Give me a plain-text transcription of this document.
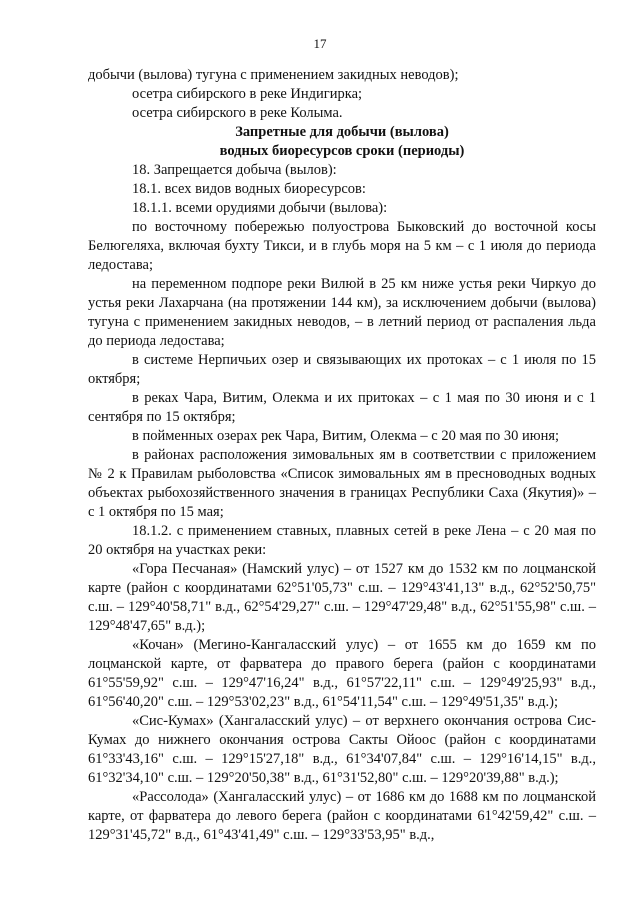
17

добычи (вылова) тугуна с применением закидных неводов);

осетра сибирского в реке Индигирка;

осетра сибирского в реке Колыма.

Запретные для добычи (вылова)
водных биоресурсов сроки (периоды)

18. Запрещается добыча (вылов):

18.1. всех видов водных биоресурсов:

18.1.1. всеми орудиями добычи (вылова):

по восточному побережью полуострова Быковский до восточной косы Белюгеляха, включая бухту Тикси, и в глубь моря на 5 км – с 1 июля до периода ледостава;

на переменном подпоре реки Вилюй в 25 км ниже устья реки Чиркуо до устья реки Лахарчана (на протяжении 144 км), за исключением добычи (вылова) тугуна с применением закидных неводов, – в летний период от распаления льда до периода ледостава;

в системе Нерпичьих озер и связывающих их протоках – с 1 июля по 15 октября;

в реках Чара, Витим, Олекма и их притоках – с 1 мая по 30 июня и с 1 сентября по 15 октября;

в пойменных озерах рек Чара, Витим, Олекма – с 20 мая по 30 июня;

в районах расположения зимовальных ям в соответствии с приложением № 2 к Правилам рыболовства «Список зимовальных ям в пресноводных водных объектах рыбохозяйственного значения в границах Республики Саха (Якутия)» – с 1 октября по 15 мая;

18.1.2. с применением ставных, плавных сетей в реке Лена – с 20 мая по 20 октября на участках реки:

«Гора Песчаная» (Намский улус) – от 1527 км до 1532 км по лоцманской карте (район с координатами 62°51'05,73" с.ш. – 129°43'41,13" в.д., 62°52'50,75" с.ш. – 129°40'58,71" в.д., 62°54'29,27" с.ш. – 129°47'29,48" в.д., 62°51'55,98" с.ш. – 129°48'47,65" в.д.);

«Кочан» (Мегино-Кангаласский улус) – от 1655 км до 1659 км по лоцманской карте, от фарватера до правого берега (район с координатами 61°55'59,92" с.ш. – 129°47'16,24" в.д., 61°57'22,11" с.ш. – 129°49'25,93" в.д., 61°56'40,20" с.ш. – 129°53'02,23" в.д., 61°54'11,54" с.ш. – 129°49'51,35" в.д.);

«Сис-Кумах» (Хангаласский улус) – от верхнего окончания острова Сис-Кумах до нижнего окончания острова Сакты Ойоос (район с координатами 61°33'43,16" с.ш. – 129°15'27,18" в.д., 61°34'07,84" с.ш. – 129°16'14,15" в.д., 61°32'34,10" с.ш. – 129°20'50,38" в.д., 61°31'52,80" с.ш. – 129°20'39,88" в.д.);

«Рассолода» (Хангаласский улус) – от 1686 км до 1688 км по лоцманской карте, от фарватера до левого берега (район с координатами 61°42'59,42" с.ш. – 129°31'45,72" в.д., 61°43'41,49" с.ш. – 129°33'53,95" в.д.,
